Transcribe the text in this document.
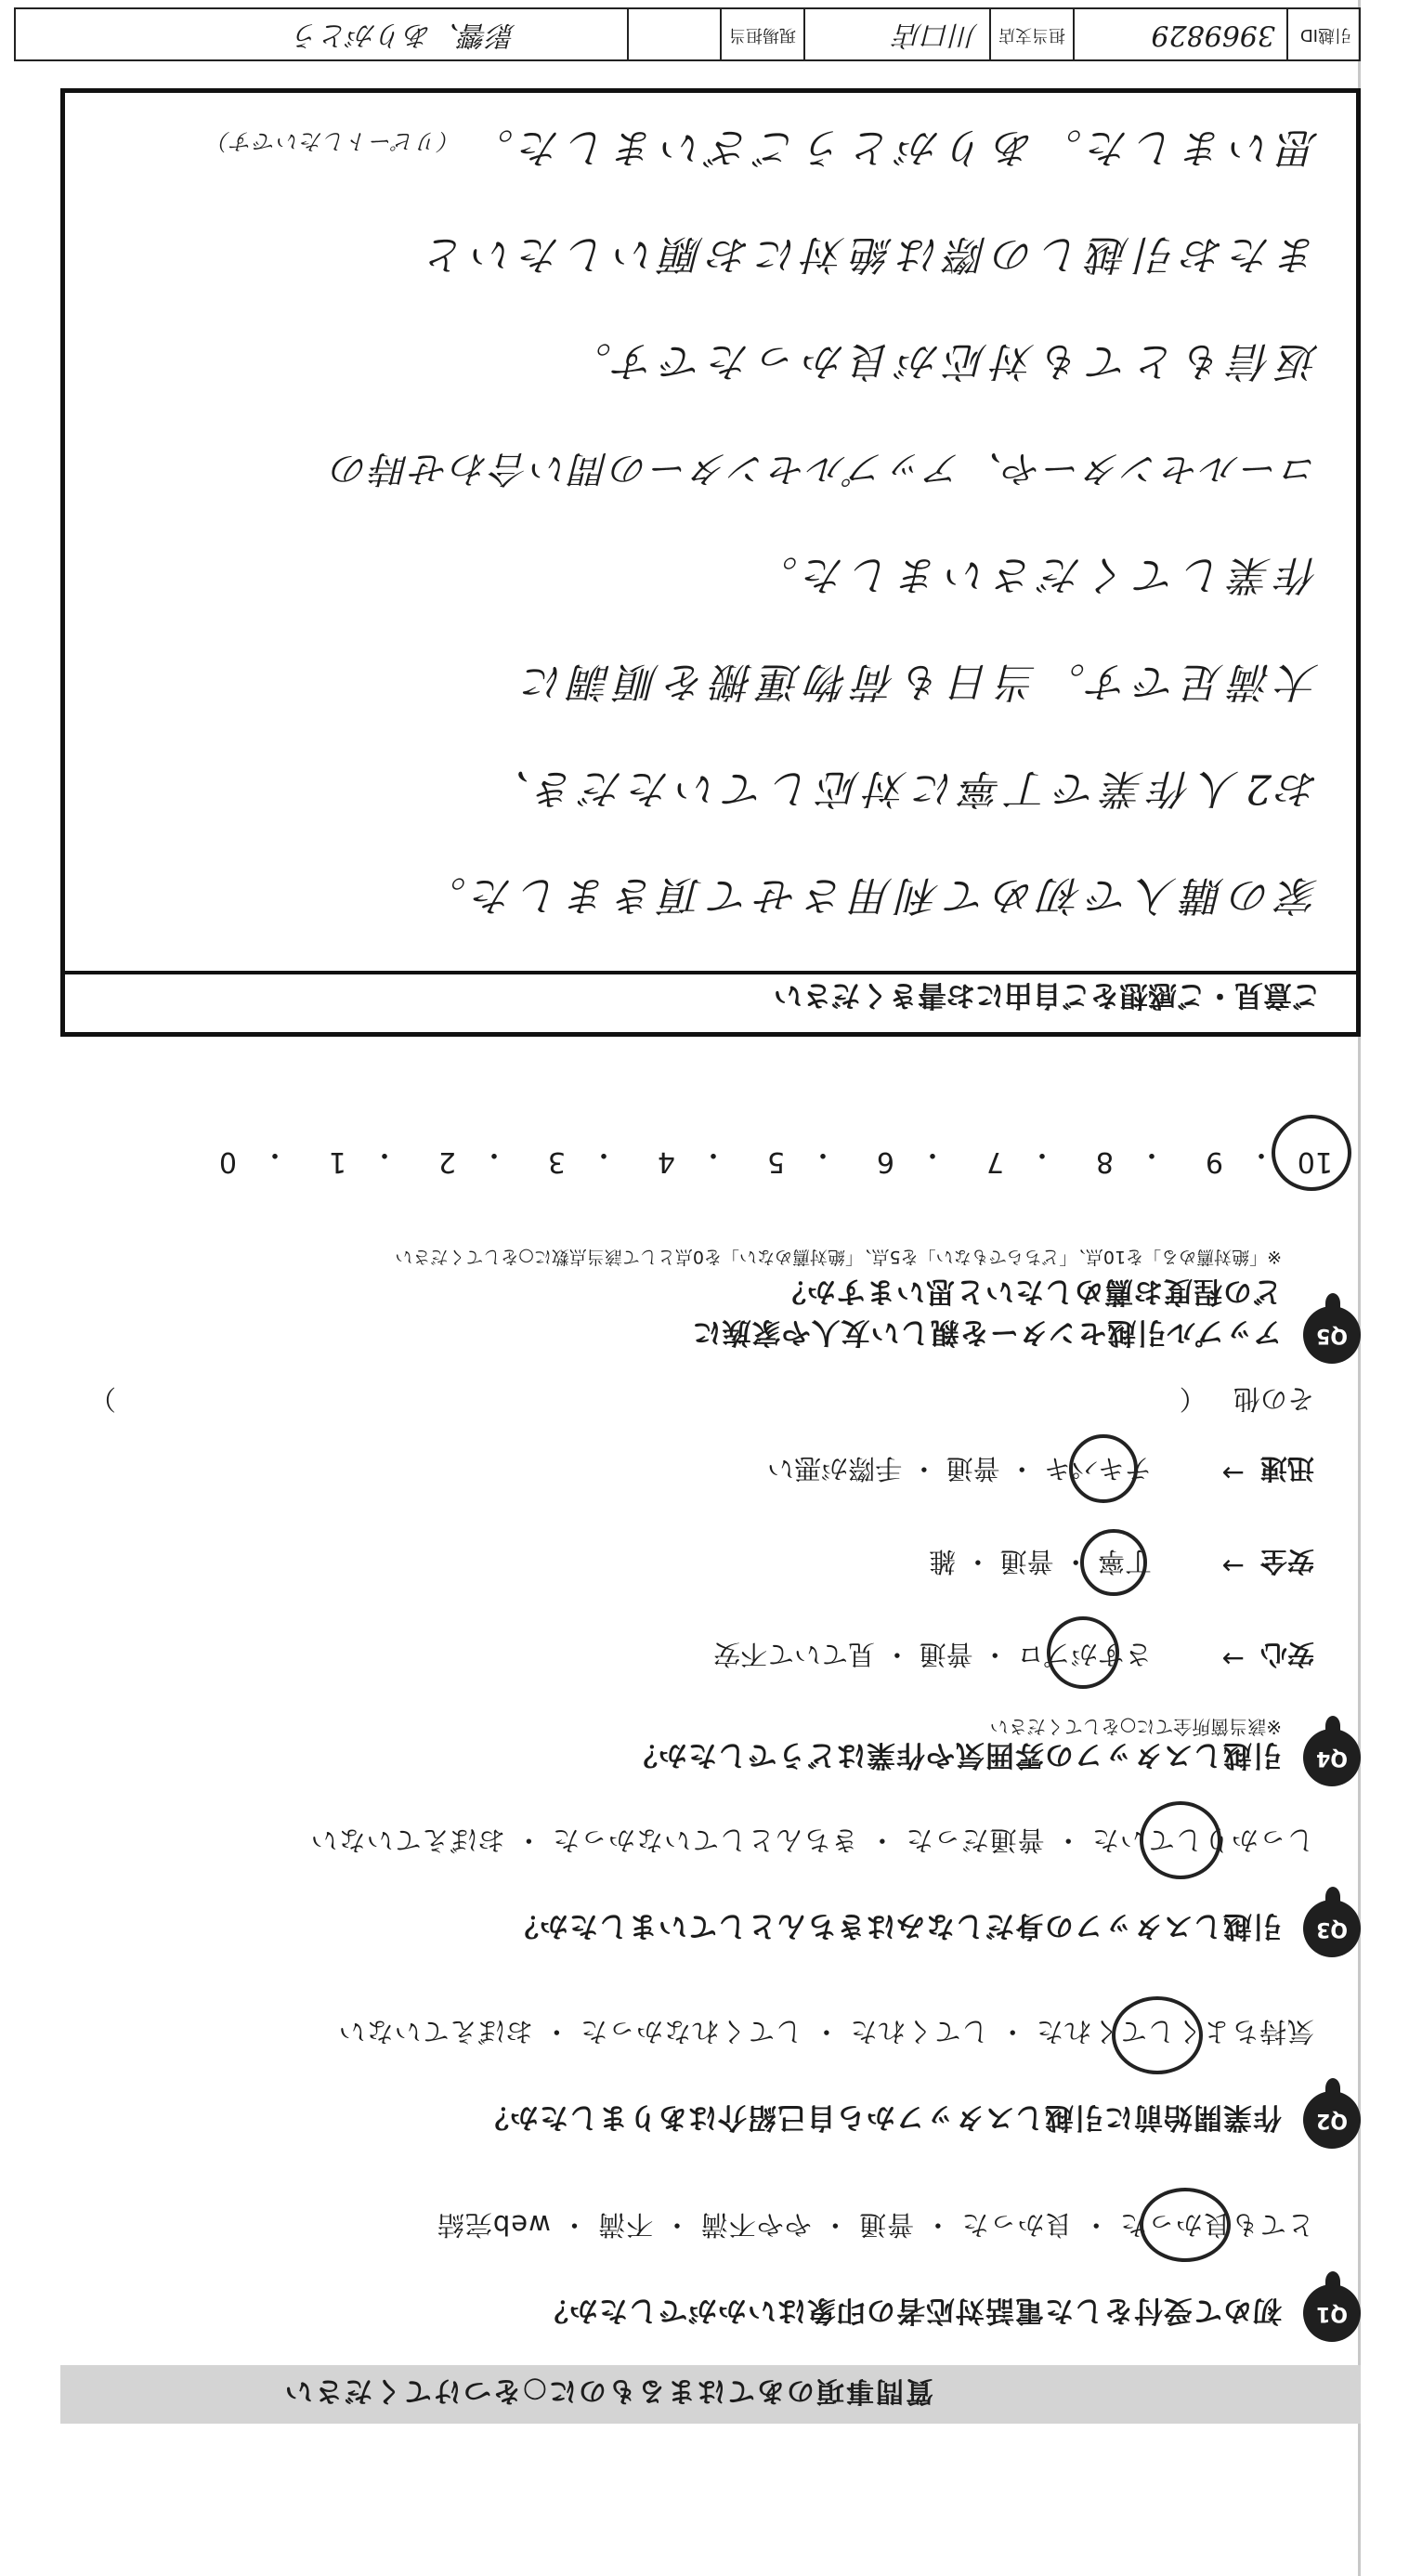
質問事項のあてはまるものに○をつけてください
Q1
初めて受付をした電話対応者の印象はいかがでしたか？
とても良かった ・ 良かった ・ 普通 ・ やや不満 ・ 不満 ・ web完結
Q2
作業開始前に引越しスタッフから自己紹介はありましたか？
気持ちよくしてくれた ・ してくれた ・ してくれなかった ・ おぼえていない
Q3
引越しスタッフの身だしなみはきちんとしていましたか？
しっかりしていた ・ 普通だった ・ きちんとしていなかった ・ おぼえていない
Q4
引越しスタッフの雰囲気や作業はどうでしたか？
※該当箇所全てに○をしてください
安心
→
さすがプロ ・ 普通 ・ 見ていて不安
安全
→
丁寧 ・ 普通 ・ 雑
迅速
→
テキパキ ・ 普通 ・ 手際が悪い
その他 （
）
Q5
アップル引越センターを親しい友人や家族に
どの程度お薦めしたいと思いますか？
※「絶対薦める」を10点、「どちらでもない」を5点、「絶対薦めない」を0点として該当点数に○をしてください
10
・
9
・
8
・
7
・
6
・
5
・
4
・
3
・
2
・
1
・
0
ご意見・ご感想をご自由にお書きください
家の購入で初めて利用させて頂きました。
お2人作業で丁寧に対応していただき、
大満足です。当日も荷物運搬を順調に
作業してくださいました。
コールセンターや、アップルセンターの問い合わせ時の
返信もとても対応が良かったです。
またお引越しの際は絶対にお願いしたいと
思いました。ありがとうございました。 （リピートしたいです）
引越ID
3969829
担当支店
川口店
現場担当
影響、ありがとう
